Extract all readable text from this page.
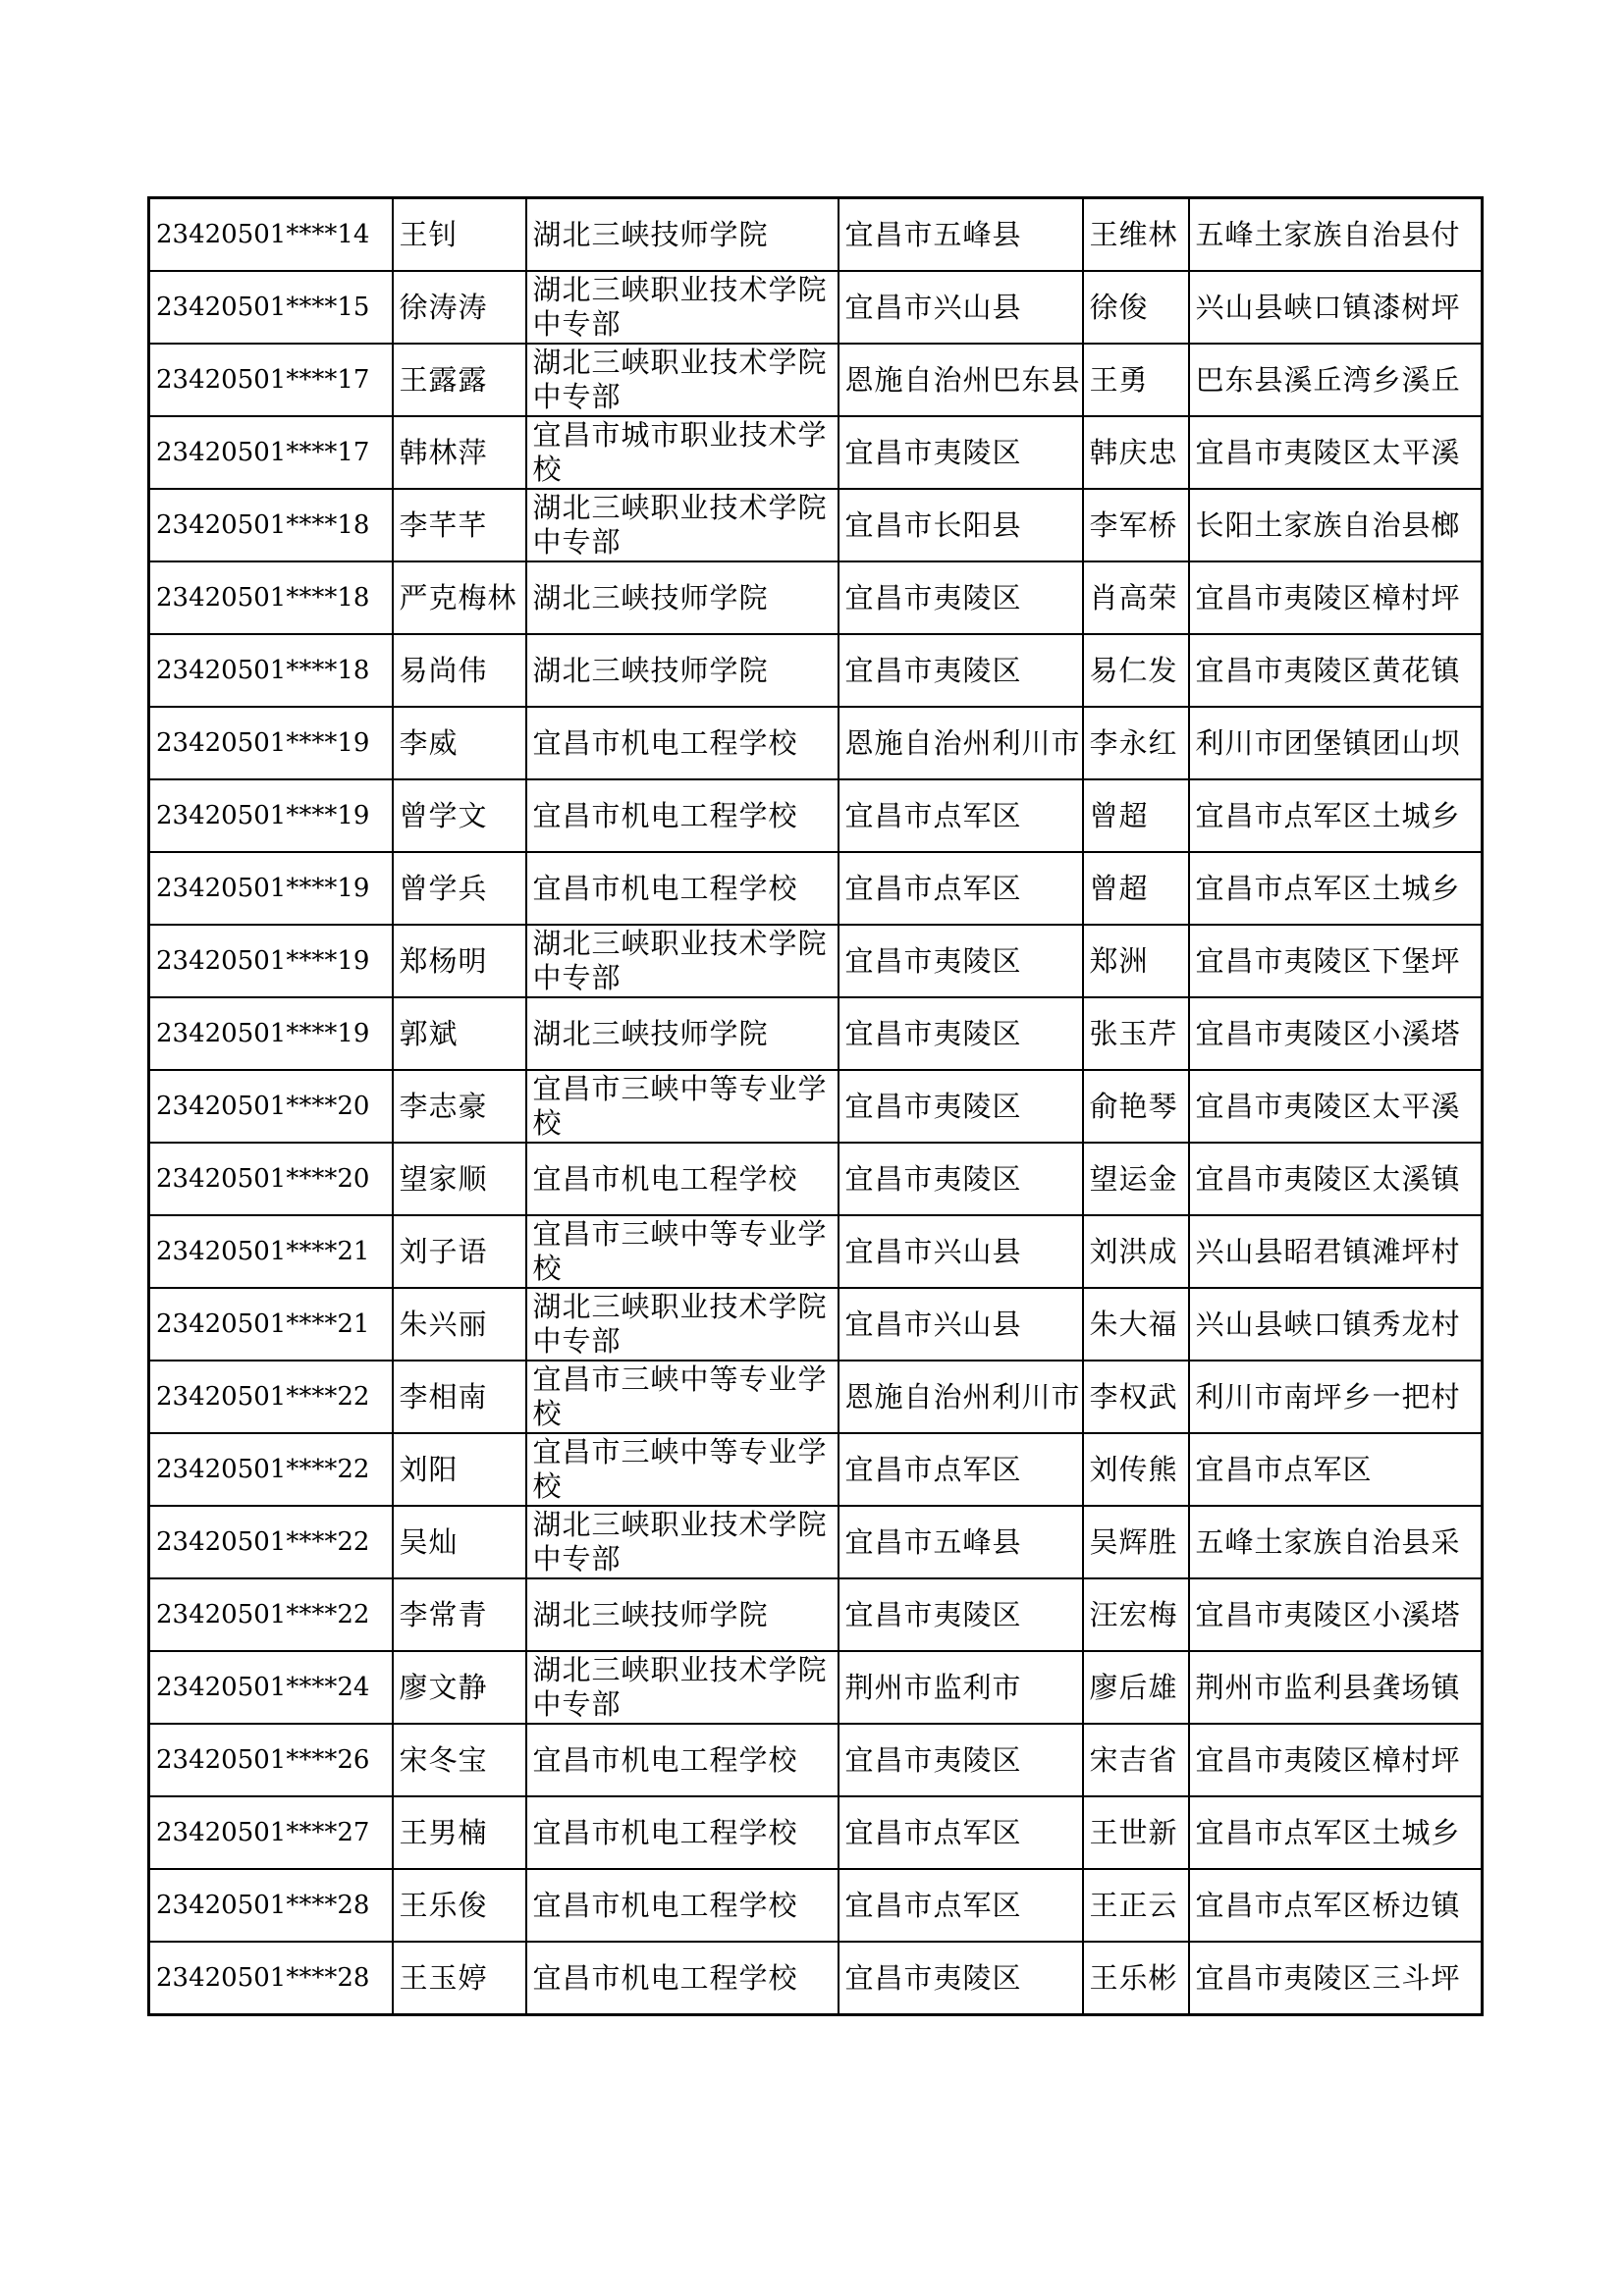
23420501****14	王钊	湖北三峡技师学院	宜昌市五峰县	王维林	五峰土家族自治县付
23420501****15	徐涛涛	湖北三峡职业技术学院中专部	宜昌市兴山县	徐俊	兴山县峡口镇漆树坪
23420501****17	王露露	湖北三峡职业技术学院中专部	恩施自治州巴东县	王勇	巴东县溪丘湾乡溪丘
23420501****17	韩林萍	宜昌市城市职业技术学校	宜昌市夷陵区	韩庆忠	宜昌市夷陵区太平溪
23420501****18	李芊芊	湖北三峡职业技术学院中专部	宜昌市长阳县	李军桥	长阳土家族自治县榔
23420501****18	严克梅林	湖北三峡技师学院	宜昌市夷陵区	肖高荣	宜昌市夷陵区樟村坪
23420501****18	易尚伟	湖北三峡技师学院	宜昌市夷陵区	易仁发	宜昌市夷陵区黄花镇
23420501****19	李威	宜昌市机电工程学校	恩施自治州利川市	李永红	利川市团堡镇团山坝
23420501****19	曾学文	宜昌市机电工程学校	宜昌市点军区	曾超	宜昌市点军区土城乡
23420501****19	曾学兵	宜昌市机电工程学校	宜昌市点军区	曾超	宜昌市点军区土城乡
23420501****19	郑杨明	湖北三峡职业技术学院中专部	宜昌市夷陵区	郑洲	宜昌市夷陵区下堡坪
23420501****19	郭斌	湖北三峡技师学院	宜昌市夷陵区	张玉芹	宜昌市夷陵区小溪塔
23420501****20	李志豪	宜昌市三峡中等专业学校	宜昌市夷陵区	俞艳琴	宜昌市夷陵区太平溪
23420501****20	望家顺	宜昌市机电工程学校	宜昌市夷陵区	望运金	宜昌市夷陵区太溪镇
23420501****21	刘子语	宜昌市三峡中等专业学校	宜昌市兴山县	刘洪成	兴山县昭君镇滩坪村
23420501****21	朱兴丽	湖北三峡职业技术学院中专部	宜昌市兴山县	朱大福	兴山县峡口镇秀龙村
23420501****22	李相南	宜昌市三峡中等专业学校	恩施自治州利川市	李权武	利川市南坪乡一把村
23420501****22	刘阳	宜昌市三峡中等专业学校	宜昌市点军区	刘传熊	宜昌市点军区
23420501****22	吴灿	湖北三峡职业技术学院中专部	宜昌市五峰县	吴辉胜	五峰土家族自治县采
23420501****22	李常青	湖北三峡技师学院	宜昌市夷陵区	汪宏梅	宜昌市夷陵区小溪塔
23420501****24	廖文静	湖北三峡职业技术学院中专部	荆州市监利市	廖后雄	荆州市监利县龚场镇
23420501****26	宋冬宝	宜昌市机电工程学校	宜昌市夷陵区	宋吉省	宜昌市夷陵区樟村坪
23420501****27	王男楠	宜昌市机电工程学校	宜昌市点军区	王世新	宜昌市点军区土城乡
23420501****28	王乐俊	宜昌市机电工程学校	宜昌市点军区	王正云	宜昌市点军区桥边镇
23420501****28	王玉婷	宜昌市机电工程学校	宜昌市夷陵区	王乐彬	宜昌市夷陵区三斗坪
